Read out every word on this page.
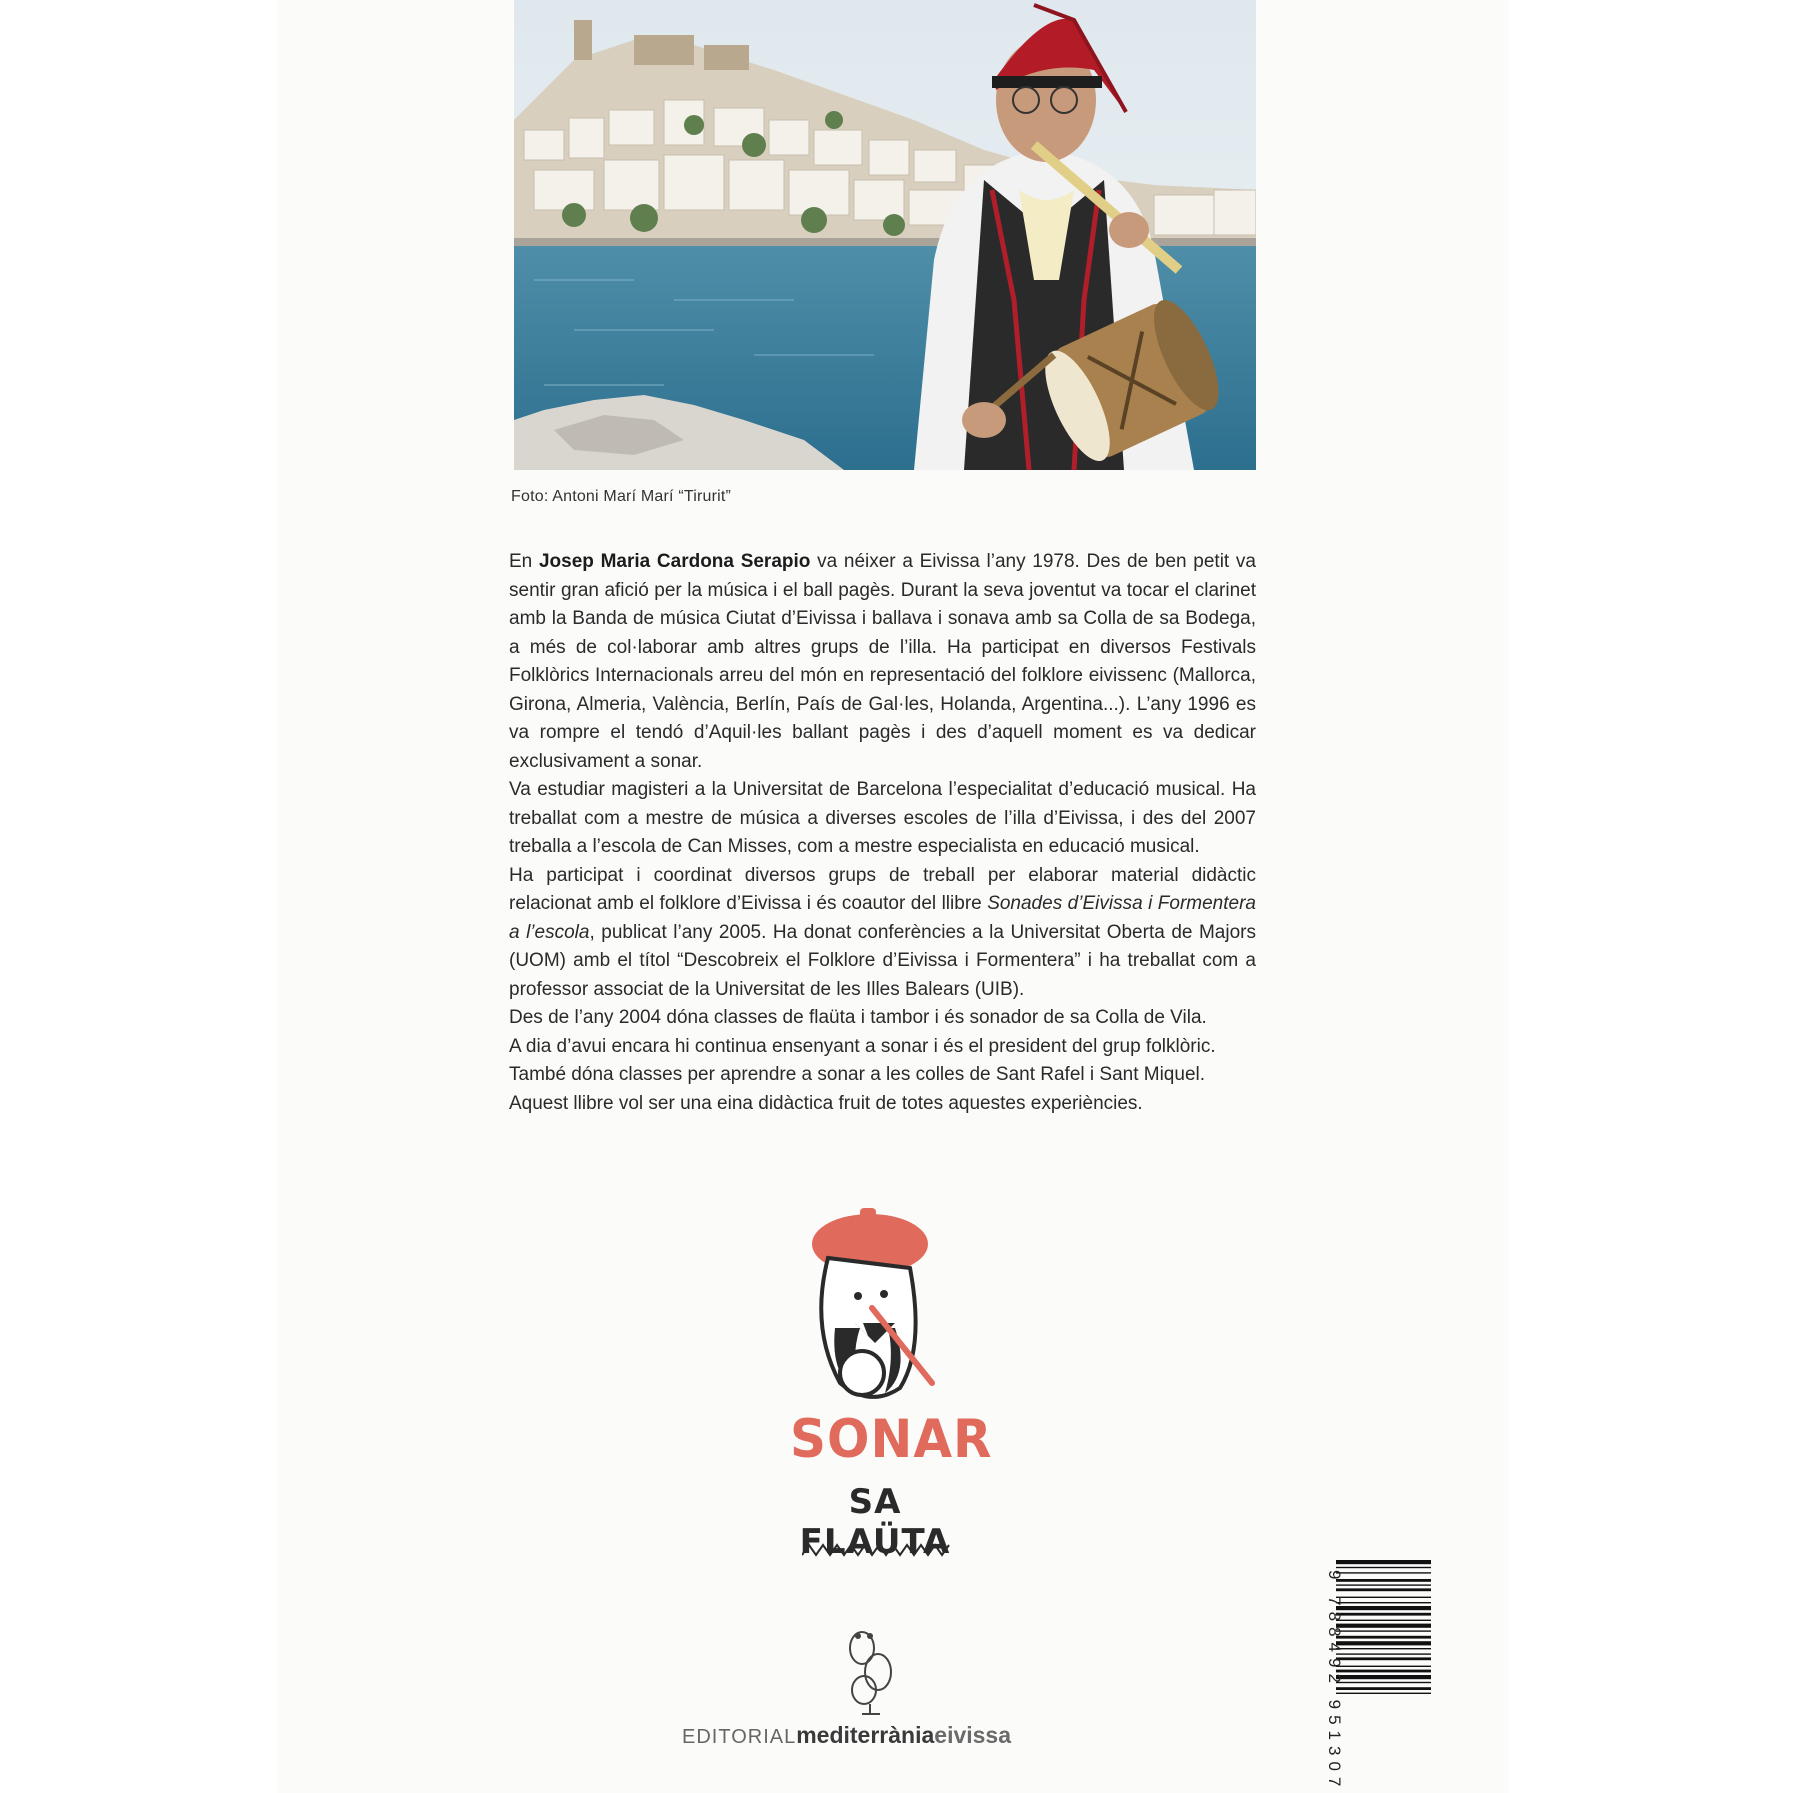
Foto: Antoni Marí Marí “Tirurit”

En Josep Maria Cardona Serapio va néixer a Eivissa l’any 1978. Des de ben petit va sentir gran afició per la música i el ball pagès. Durant la seva joventut va tocar el clarinet amb la Banda de música Ciutat d’Eivissa i ballava i sonava amb sa Colla de sa Bodega, a més de col·laborar amb altres grups de l’illa. Ha participat en diversos Festivals Folklòrics Internacionals arreu del món en representació del folklore eivissenc (Mallorca, Girona, Almeria, València, Berlín, País de Gal·les, Holanda, Argentina...). L’any 1996 es va rompre el tendó d’Aquil·les ballant pagès i des d’aquell moment es va dedicar exclusivament a sonar.

Va estudiar magisteri a la Universitat de Barcelona l’especialitat d’educació musical. Ha treballat com a mestre de música a diverses escoles de l’illa d’Eivissa, i des del 2007 treballa a l’escola de Can Misses, com a mestre especialista en educació musical.

Ha participat i coordinat diversos grups de treball per elaborar material didàctic relacionat amb el folklore d’Eivissa i és coautor del llibre Sonades d’Eivissa i Formentera a l’escola, publicat l’any 2005. Ha donat conferències a la Universitat Oberta de Majors (UOM) amb el títol “Descobreix el Folklore d’Eivissa i Formentera” i ha treballat com a professor associat de la Universitat de les Illes Balears (UIB).

Des de l’any 2004 dóna classes de flaüta i tambor i és sonador de sa Colla de Vila.

A dia d’avui encara hi continua ensenyant a sonar i és el president del grup folklòric.

També dóna classes per aprendre a sonar a les colles de Sant Rafel i Sant Miquel.

Aquest llibre vol ser una eina didàctica fruit de totes aquestes experiències.

SONAR
SA FLAÜTA
EDITORIALmediterràniaeivissa	9 788492 951307
